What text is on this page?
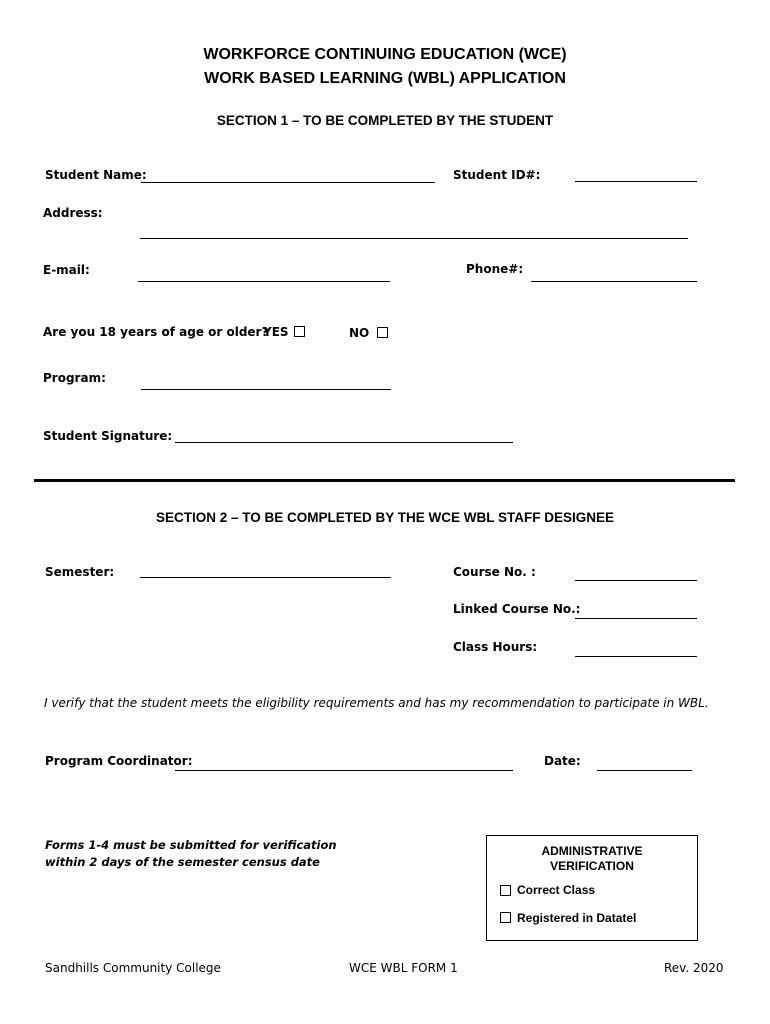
WORKFORCE CONTINUING EDUCATION (WCE)
WORK BASED LEARNING (WBL) APPLICATION
SECTION 1 – TO BE COMPLETED BY THE STUDENT
Student Name:	Student ID#:
Address:
E-mail:	Phone#:
Are you 18 years of age or older?
YES	NO
Program:
Student Signature:
SECTION 2 – TO BE COMPLETED BY THE WCE WBL STAFF DESIGNEE
Semester:	Course No. :
Linked Course No.:
Class Hours:
I verify that the student meets the eligibility requirements and has my recommendation to participate in WBL.
Program Coordinator:	Date:
Forms 1-4 must be submitted for verification
within 2 days of the semester census date
ADMINISTRATIVE
VERIFICATION
Correct Class
Registered in Datatel
Sandhills Community College	WCE WBL FORM 1	Rev. 2020
